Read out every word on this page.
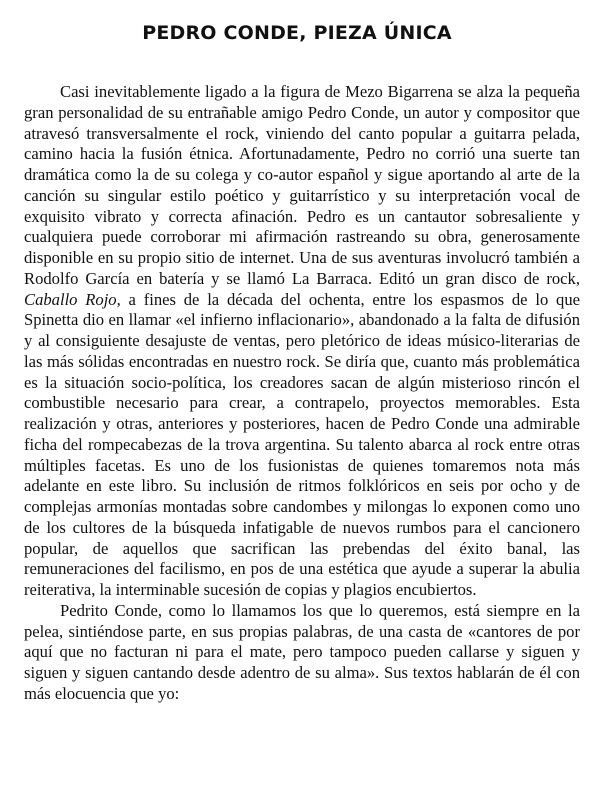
PEDRO CONDE, PIEZA ÚNICA

Casi inevitablemente ligado a la figura de Mezo Bigarrena se alza la pequeña gran personalidad de su entrañable amigo Pedro Conde, un autor y compositor que atravesó transversalmente el rock, viniendo del canto popular a guitarra pelada, camino hacia la fusión étnica. Afortunadamente, Pedro no corrió una suerte tan dramática como la de su colega y co-autor español y sigue aportando al arte de la canción su singular estilo poético y guitarrístico y su interpretación vocal de exquisito vibrato y correcta afinación. Pedro es un cantautor sobresaliente y cualquiera puede corroborar mi afirmación rastreando su obra, generosamente disponible en su propio sitio de internet. Una de sus aventuras involucró también a Rodolfo García en batería y se llamó La Barraca. Editó un gran disco de rock, Caballo Rojo, a fines de la década del ochenta, entre los espasmos de lo que Spinetta dio en llamar «el infierno inflacionario», abandonado a la falta de difusión y al consiguiente desajuste de ventas, pero pletórico de ideas músico-literarias de las más sólidas encontradas en nuestro rock. Se diría que, cuanto más problemática es la situación socio-política, los creadores sacan de algún misterioso rincón el combustible necesario para crear, a contrapelo, proyectos memorables. Esta realización y otras, anteriores y posteriores, hacen de Pedro Conde una admirable ficha del rompecabezas de la trova argentina. Su talento abarca al rock entre otras múltiples facetas. Es uno de los fusionistas de quienes tomaremos nota más adelante en este libro. Su inclusión de ritmos folklóricos en seis por ocho y de complejas armonías montadas sobre candombes y milongas lo exponen como uno de los cultores de la búsqueda infatigable de nuevos rumbos para el cancionero popular, de aquellos que sacrifican las prebendas del éxito banal, las remuneraciones del facilismo, en pos de una estética que ayude a superar la abulia reiterativa, la interminable sucesión de copias y plagios encubiertos.

Pedrito Conde, como lo llamamos los que lo queremos, está siempre en la pelea, sintiéndose parte, en sus propias palabras, de una casta de «cantores de por aquí que no facturan ni para el mate, pero tampoco pueden callarse y siguen y siguen y siguen cantando desde adentro de su alma». Sus textos hablarán de él con más elocuencia que yo:
